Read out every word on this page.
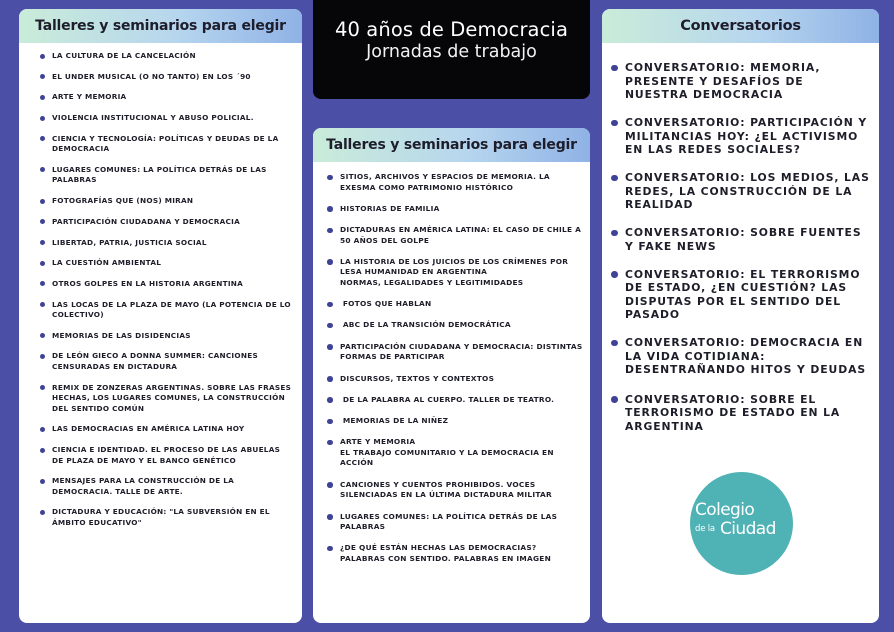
Talleres y seminarios para elegir
LA CULTURA DE LA CANCELACIÓN
EL UNDER MUSICAL (O NO TANTO) EN LOS ´90
ARTE Y MEMORIA
VIOLENCIA INSTITUCIONAL Y ABUSO POLICIAL.
CIENCIA Y TECNOLOGÍA: POLÍTICAS Y DEUDAS DE LA DEMOCRACIA
LUGARES COMUNES: LA POLÍTICA DETRÁS DE LAS PALABRAS
FOTOGRAFÍAS QUE (NOS) MIRAN
PARTICIPACIÓN CIUDADANA Y DEMOCRACIA
LIBERTAD, PATRIA, JUSTICIA SOCIAL
LA CUESTIÓN AMBIENTAL
OTROS GOLPES EN LA HISTORIA ARGENTINA
LAS LOCAS DE LA PLAZA DE MAYO (LA POTENCIA DE LO COLECTIVO)
MEMORIAS DE LAS DISIDENCIAS
DE LEÓN GIECO A DONNA SUMMER: CANCIONES CENSURADAS EN DICTADURA
REMIX DE ZONZERAS ARGENTINAS. SOBRE LAS FRASES HECHAS, LOS LUGARES COMUNES, LA CONSTRUCCIÓN DEL SENTIDO COMÚN
LAS DEMOCRACIAS EN AMÉRICA LATINA HOY
CIENCIA E IDENTIDAD. EL PROCESO DE LAS ABUELAS DE PLAZA DE MAYO Y EL BANCO GENÉTICO
MENSAJES PARA LA CONSTRUCCIÓN DE LA DEMOCRACIA. TALLE DE ARTE.
DICTADURA Y EDUCACIÓN: "LA SUBVERSIÓN EN EL ÁMBITO EDUCATIVO"
40 años de Democracia
Jornadas de trabajo
Talleres y seminarios para elegir
SITIOS, ARCHIVOS Y ESPACIOS DE MEMORIA. LA EXESMA COMO PATRIMONIO HISTÓRICO
HISTORIAS DE FAMILIA
DICTADURAS EN AMÉRICA LATINA: EL CASO DE CHILE A 50 AÑOS DEL GOLPE
LA HISTORIA DE LOS JUICIOS DE LOS CRÍMENES POR LESA HUMANIDAD EN ARGENTINA
NORMAS, LEGALIDADES Y LEGITIMIDADES
FOTOS QUE HABLAN
ABC DE LA TRANSICIÓN DEMOCRÁTICA
PARTICIPACIÓN CIUDADANA Y DEMOCRACIA: DISTINTAS FORMAS DE PARTICIPAR
DISCURSOS, TEXTOS Y CONTEXTOS
DE LA PALABRA AL CUERPO. TALLER DE TEATRO.
MEMORIAS DE LA NIÑEZ
ARTE Y MEMORIA
EL TRABAJO COMUNITARIO Y LA DEMOCRACIA EN ACCIÓN
CANCIONES Y CUENTOS PROHIBIDOS. VOCES SILENCIADAS EN LA ÚLTIMA DICTADURA MILITAR
LUGARES COMUNES: LA POLÍTICA DETRÁS DE LAS PALABRAS
¿DE QUÉ ESTÁN HECHAS LAS DEMOCRACIAS? PALABRAS CON SENTIDO. PALABRAS EN IMAGEN
Conversatorios
CONVERSATORIO: MEMORIA, PRESENTE Y DESAFÍOS DE NUESTRA DEMOCRACIA
CONVERSATORIO: PARTICIPACIÓN Y MILITANCIAS HOY: ¿EL ACTIVISMO EN LAS REDES SOCIALES?
CONVERSATORIO: LOS MEDIOS, LAS REDES, LA CONSTRUCCIÓN DE LA REALIDAD
CONVERSATORIO: SOBRE FUENTES Y FAKE NEWS
CONVERSATORIO: EL TERRORISMO DE ESTADO, ¿EN CUESTIÓN? LAS DISPUTAS POR EL SENTIDO DEL PASADO
CONVERSATORIO: DEMOCRACIA EN LA VIDA COTIDIANA: DESENTRAÑANDO HITOS Y DEUDAS
CONVERSATORIO: SOBRE EL TERRORISMO DE ESTADO EN LA ARGENTINA
Colegio
de la Ciudad
